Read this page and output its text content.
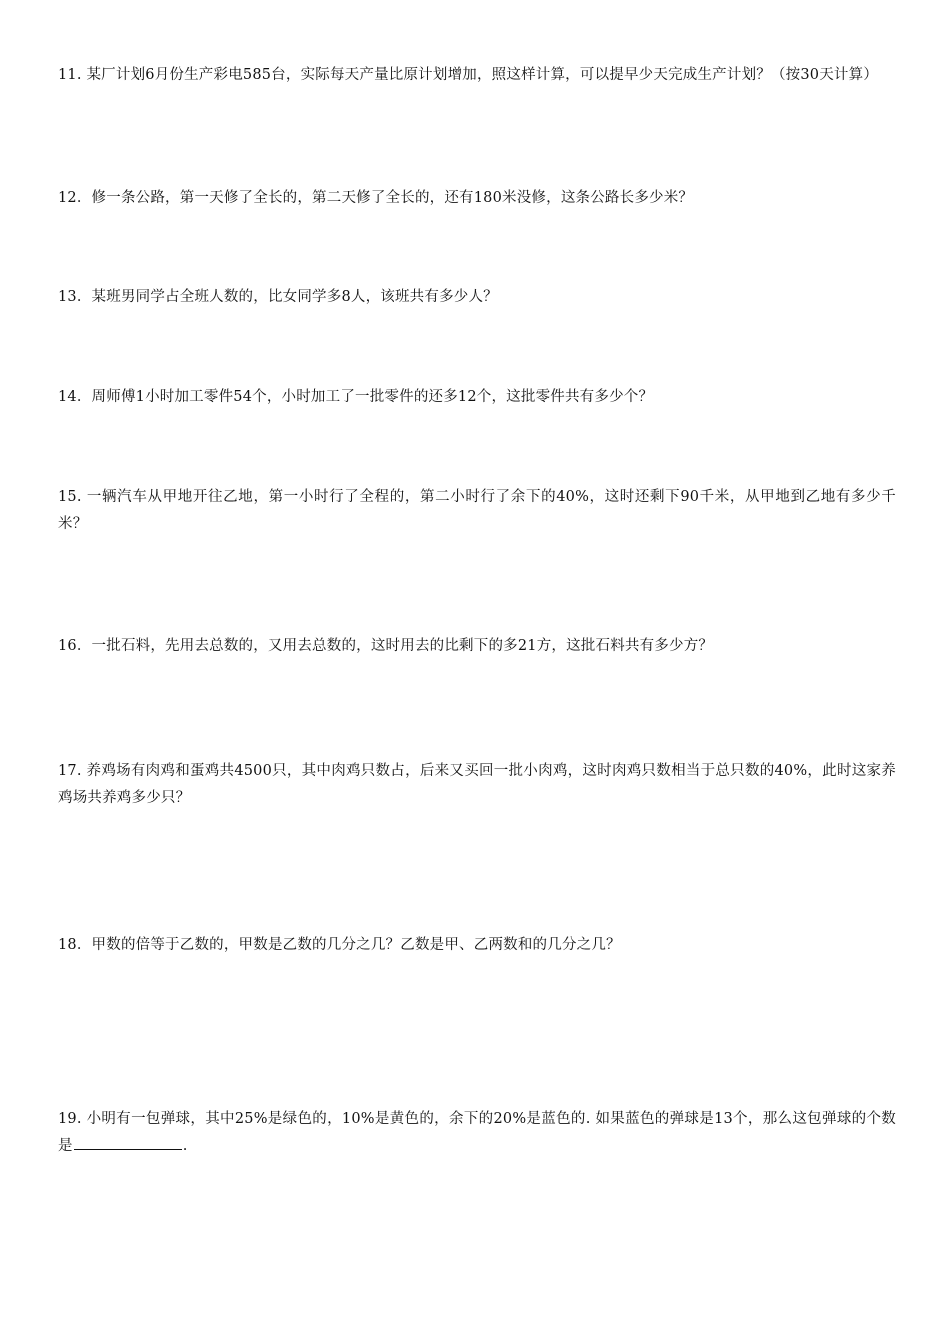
11. 某厂计划6月份生产彩电585台，实际每天产量比原计划增加，照这样计算，可以提早少天完成生产计划？（按30天计算）
12．修一条公路，第一天修了全长的，第二天修了全长的，还有180米没修，这条公路长多少米？
13．某班男同学占全班人数的，比女同学多8人，该班共有多少人？
14．周师傅1小时加工零件54个，小时加工了一批零件的还多12个，这批零件共有多少个？
15. 一辆汽车从甲地开往乙地，第一小时行了全程的，第二小时行了余下的40%，这时还剩下90千米，从甲地到乙地有多少千米？
16．一批石料，先用去总数的，又用去总数的，这时用去的比剩下的多21方，这批石料共有多少方？
17. 养鸡场有肉鸡和蛋鸡共4500只，其中肉鸡只数占，后来又买回一批小肉鸡，这时肉鸡只数相当于总只数的40%，此时这家养鸡场共养鸡多少只？
18．甲数的倍等于乙数的，甲数是乙数的几分之几？乙数是甲、乙两数和的几分之几？
19. 小明有一包弹球，其中25%是绿色的，10%是黄色的，余下的20%是蓝色的. 如果蓝色的弹球是13个，那么这包弹球的个数是	.
